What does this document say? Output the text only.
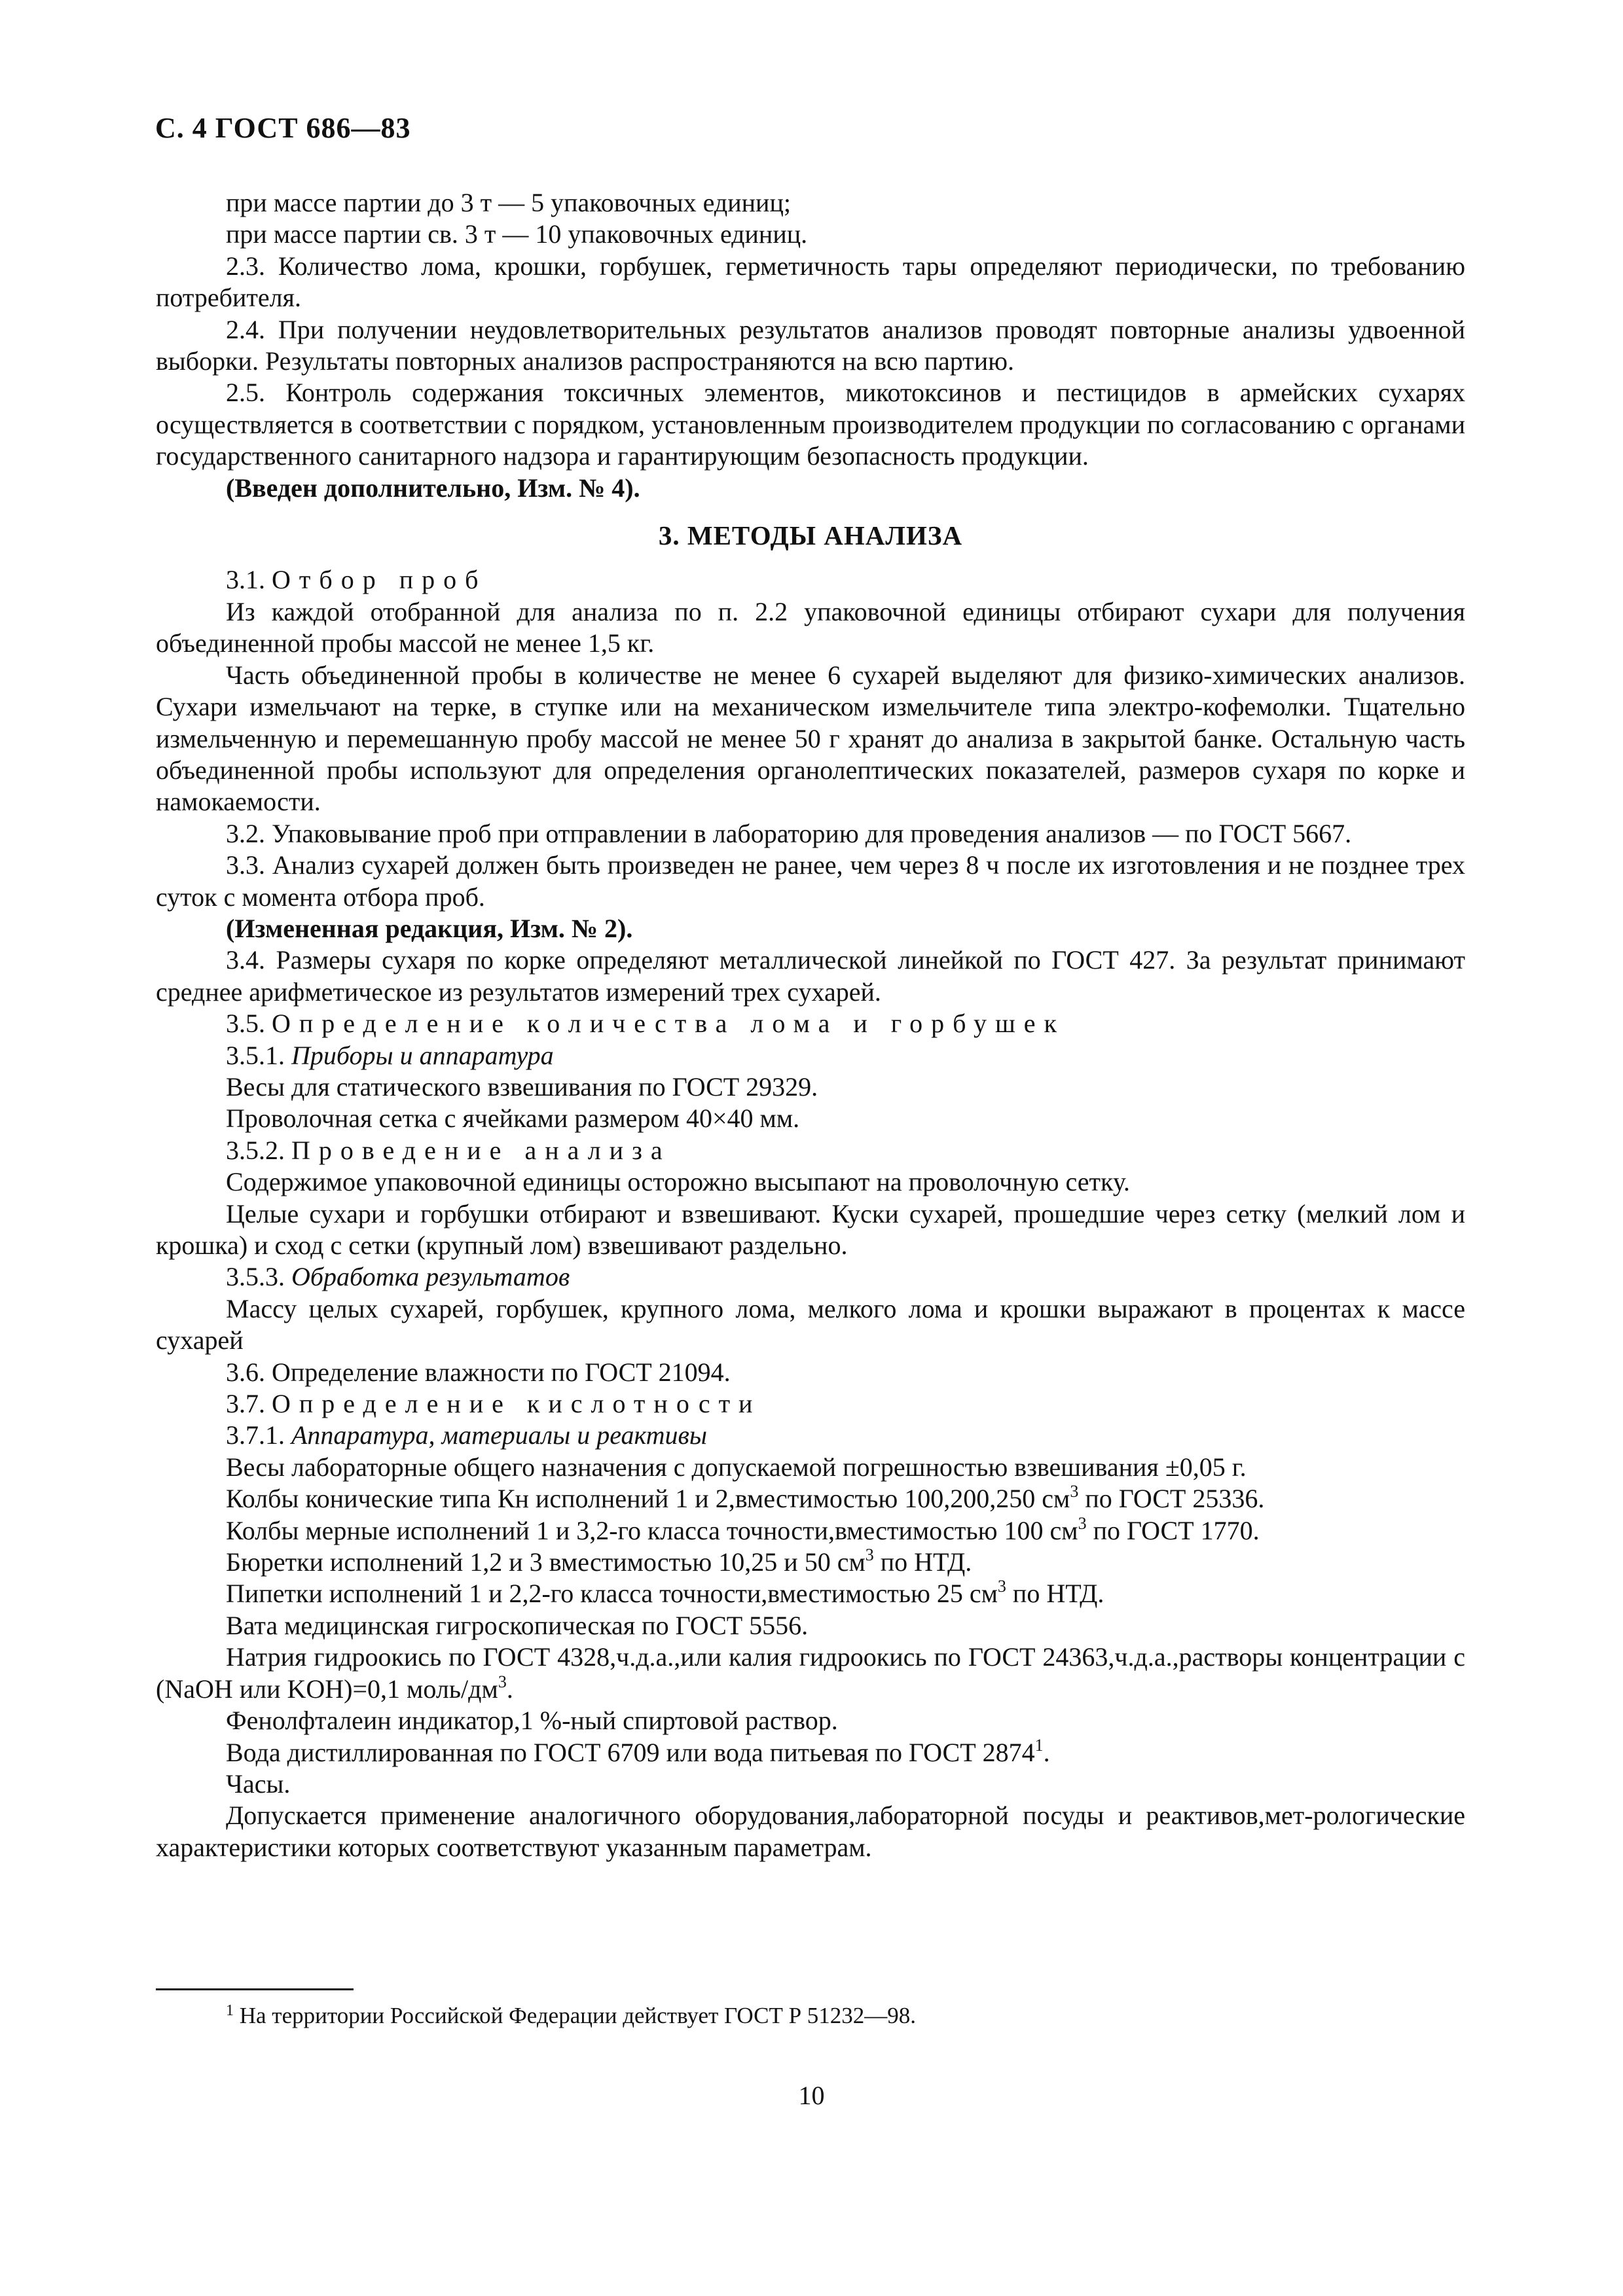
С. 4 ГОСТ 686—83

при массе партии до 3 т — 5 упаковочных единиц;

при массе партии св. 3 т — 10 упаковочных единиц.

2.3. Количество лома, крошки, горбушек, герметичность тары определяют периодически, по требованию потребителя.

2.4. При получении неудовлетворительных результатов анализов проводят повторные анализы удвоенной выборки. Результаты повторных анализов распространяются на всю партию.

2.5. Контроль содержания токсичных элементов, микотоксинов и пестицидов в армейских сухарях осуществляется в соответствии с порядком, установленным производителем продукции по согласованию с органами государственного санитарного надзора и гарантирующим безопасность продукции.

(Введен дополнительно, Изм. № 4).

3. МЕТОДЫ АНАЛИЗА

3.1. Отбор проб

Из каждой отобранной для анализа по п. 2.2 упаковочной единицы отбирают сухари для получения объединенной пробы массой не менее 1,5 кг.

Часть объединенной пробы в количестве не менее 6 сухарей выделяют для физико-химических анализов. Сухари измельчают на терке, в ступке или на механическом измельчителе типа электро-кофемолки. Тщательно измельченную и перемешанную пробу массой не менее 50 г хранят до анализа в закрытой банке. Остальную часть объединенной пробы используют для определения органолептических показателей, размеров сухаря по корке и намокаемости.

3.2. Упаковывание проб при отправлении в лабораторию для проведения анализов — по ГОСТ 5667.

3.3. Анализ сухарей должен быть произведен не ранее, чем через 8 ч после их изготовления и не позднее трех суток с момента отбора проб.

(Измененная редакция, Изм. № 2).

3.4. Размеры сухаря по корке определяют металлической линейкой по ГОСТ 427. За результат принимают среднее арифметическое из результатов измерений трех сухарей.

3.5. Определение количества лома и горбушек

3.5.1. Приборы и аппаратура

Весы для статического взвешивания по ГОСТ 29329.

Проволочная сетка с ячейками размером 40×40 мм.

3.5.2. Проведение анализа

Содержимое упаковочной единицы осторожно высыпают на проволочную сетку.

Целые сухари и горбушки отбирают и взвешивают. Куски сухарей, прошедшие через сетку (мелкий лом и крошка) и сход с сетки (крупный лом) взвешивают раздельно.

3.5.3. Обработка результатов

Массу целых сухарей, горбушек, крупного лома, мелкого лома и крошки выражают в процентах к массе сухарей

3.6. Определение влажности по ГОСТ 21094.

3.7. Определение кислотности

3.7.1. Аппаратура, материалы и реактивы

Весы лабораторные общего назначения с допускаемой погрешностью взвешивания ±0,05 г.

Колбы конические типа Кн исполнений 1 и 2,вместимостью 100,200,250 $см^3$ по ГОСТ 25336.

Колбы мерные исполнений 1 и 3,2-го класса точности,вместимостью 100 $см^3$ по ГОСТ 1770.

Бюретки исполнений 1,2 и 3 вместимостью 10,25 и 50 $см^3$ по НТД.

Пипетки исполнений 1 и 2,2-го класса точности,вместимостью 25 $см^3$ по НТД.

Вата медицинская гигроскопическая по ГОСТ 5556.

Натрия гидроокись по ГОСТ 4328,ч.д.а.,или калия гидроокись по ГОСТ 24363,ч.д.а.,растворы концентрации с (NaOH или KOH)=0,1 моль/$дм^3$.

Фенолфталеин индикатор,1 %-ный спиртовой раствор.

Вода дистиллированная по ГОСТ 6709 или вода питьевая по ГОСТ 2874$^1$.

Часы.

Допускается применение аналогичного оборудования,лабораторной посуды и реактивов,мет-рологические характеристики которых соответствуют указанным параметрам.

$^1$ На территории Российской Федерации действует ГОСТ Р 51232—98.
10
